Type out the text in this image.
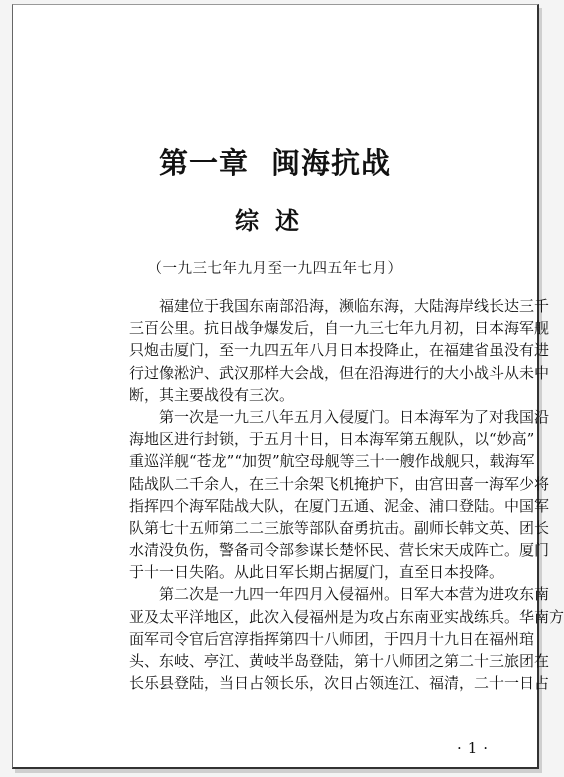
第一章 闽海抗战
综述
（一九三七年九月至一九四五年七月）
　　福建位于我国东南部沿海，濒临东海，大陆海岸线长达三千
三百公里。抗日战争爆发后，自一九三七年九月初，日本海军舰
只炮击厦门，至一九四五年八月日本投降止，在福建省虽没有进
行过像淞沪、武汉那样大会战，但在沿海进行的大小战斗从未中
断，其主要战役有三次。
　　第一次是一九三八年五月入侵厦门。日本海军为了对我国沿
海地区进行封锁，于五月十日，日本海军第五舰队，以“妙高”
重巡洋舰“苍龙”“加贺”航空母舰等三十一艘作战舰只，载海军
陆战队二千余人，在三十余架飞机掩护下，由宫田喜一海军少将
指挥四个海军陆战大队，在厦门五通、泥金、浦口登陆。中国军
队第七十五师第二二三旅等部队奋勇抗击。副师长韩文英、团长
水清没负伤，警备司令部参谋长楚怀民、营长宋天成阵亡。厦门
于十一日失陷。从此日军长期占据厦门，直至日本投降。
　　第二次是一九四一年四月入侵福州。日军大本营为进攻东南
亚及太平洋地区，此次入侵福州是为攻占东南亚实战练兵。华南方
面军司令官后宫淳指挥第四十八师团，于四月十九日在福州琯
头、东岐、亭江、黄岐半岛登陆，第十八师团之第二十三旅团在
长乐县登陆，当日占领长乐，次日占领连江、福清，二十一日占
·1·
